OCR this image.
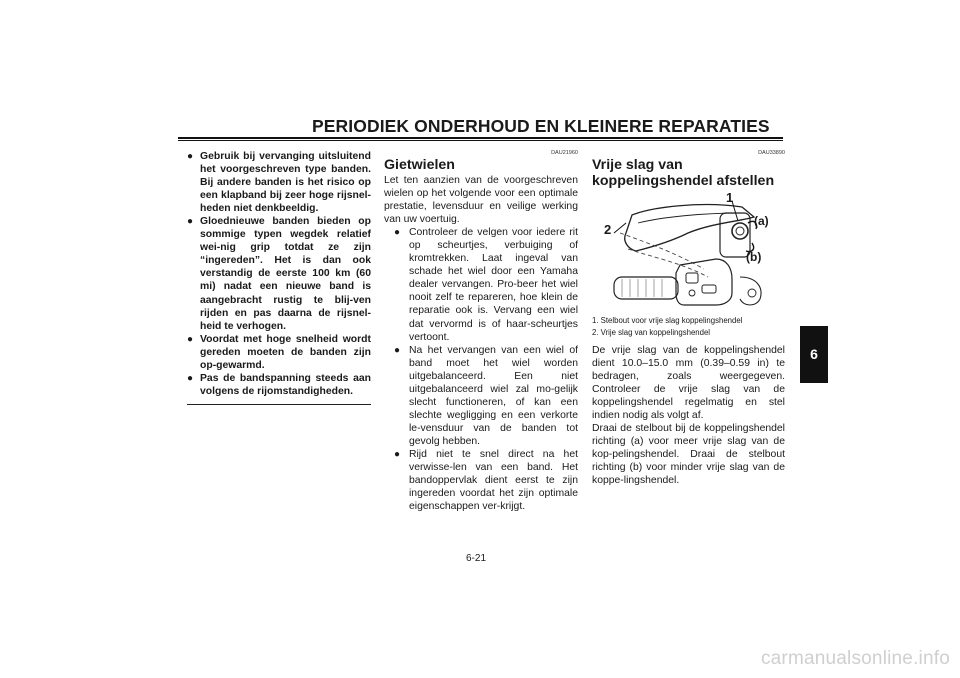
PERIODIEK ONDERHOUD EN KLEINERE REPARATIES
● Gebruik bij vervanging uitsluitend het voorgeschreven type banden. Bij andere banden is het risico op een klapband bij zeer hoge rijsnel-heden niet denkbeeldig.
● Gloednieuwe banden bieden op sommige typen wegdek relatief wei-nig grip totdat ze zijn “ingereden”. Het is dan ook verstandig de eerste 100 km (60 mi) nadat een nieuwe band is aangebracht rustig te blij-ven rijden en pas daarna de rijsnel-heid te verhogen.
● Voordat met hoge snelheid wordt gereden moeten de banden zijn op-gewarmd.
● Pas de bandspanning steeds aan volgens de rijomstandigheden.
DAU21960
Gietwielen
Let ten aanzien van de voorgeschreven wielen op het volgende voor een optimale prestatie, levensduur en veilige werking van uw voertuig.
● Controleer de velgen voor iedere rit op scheurtjes, verbuiging of kromtrekken. Laat ingeval van schade het wiel door een Yamaha dealer vervangen. Pro-beer het wiel nooit zelf te repareren, hoe klein de reparatie ook is. Vervang een wiel dat vervormd is of haar-scheurtjes vertoont.
● Na het vervangen van een wiel of band moet het wiel worden uitgebalanceerd. Een niet uitgebalanceerd wiel zal mo-gelijk slecht functioneren, of kan een slechte wegligging en een verkorte le-vensduur van de banden tot gevolg hebben.
● Rijd niet te snel direct na het verwisse-len van een band. Het bandoppervlak dient eerst te zijn ingereden voordat het zijn optimale eigenschappen ver-krijgt.
DAU33890
Vrije slag van koppelingshendel afstellen
2
1
(a)
(b)
1. Stelbout voor vrije slag koppelingshendel
2. Vrije slag van koppelingshendel
De vrije slag van de koppelingshendel dient 10.0–15.0 mm (0.39–0.59 in) te bedragen, zoals weergegeven. Controleer de vrije slag van de koppelingshendel regelmatig en stel indien nodig als volgt af.
Draai de stelbout bij de koppelingshendel richting (a) voor meer vrije slag van de kop-pelingshendel. Draai de stelbout richting (b) voor minder vrije slag van de koppe-lingshendel.
6-21
6
carmanualsonline.info
